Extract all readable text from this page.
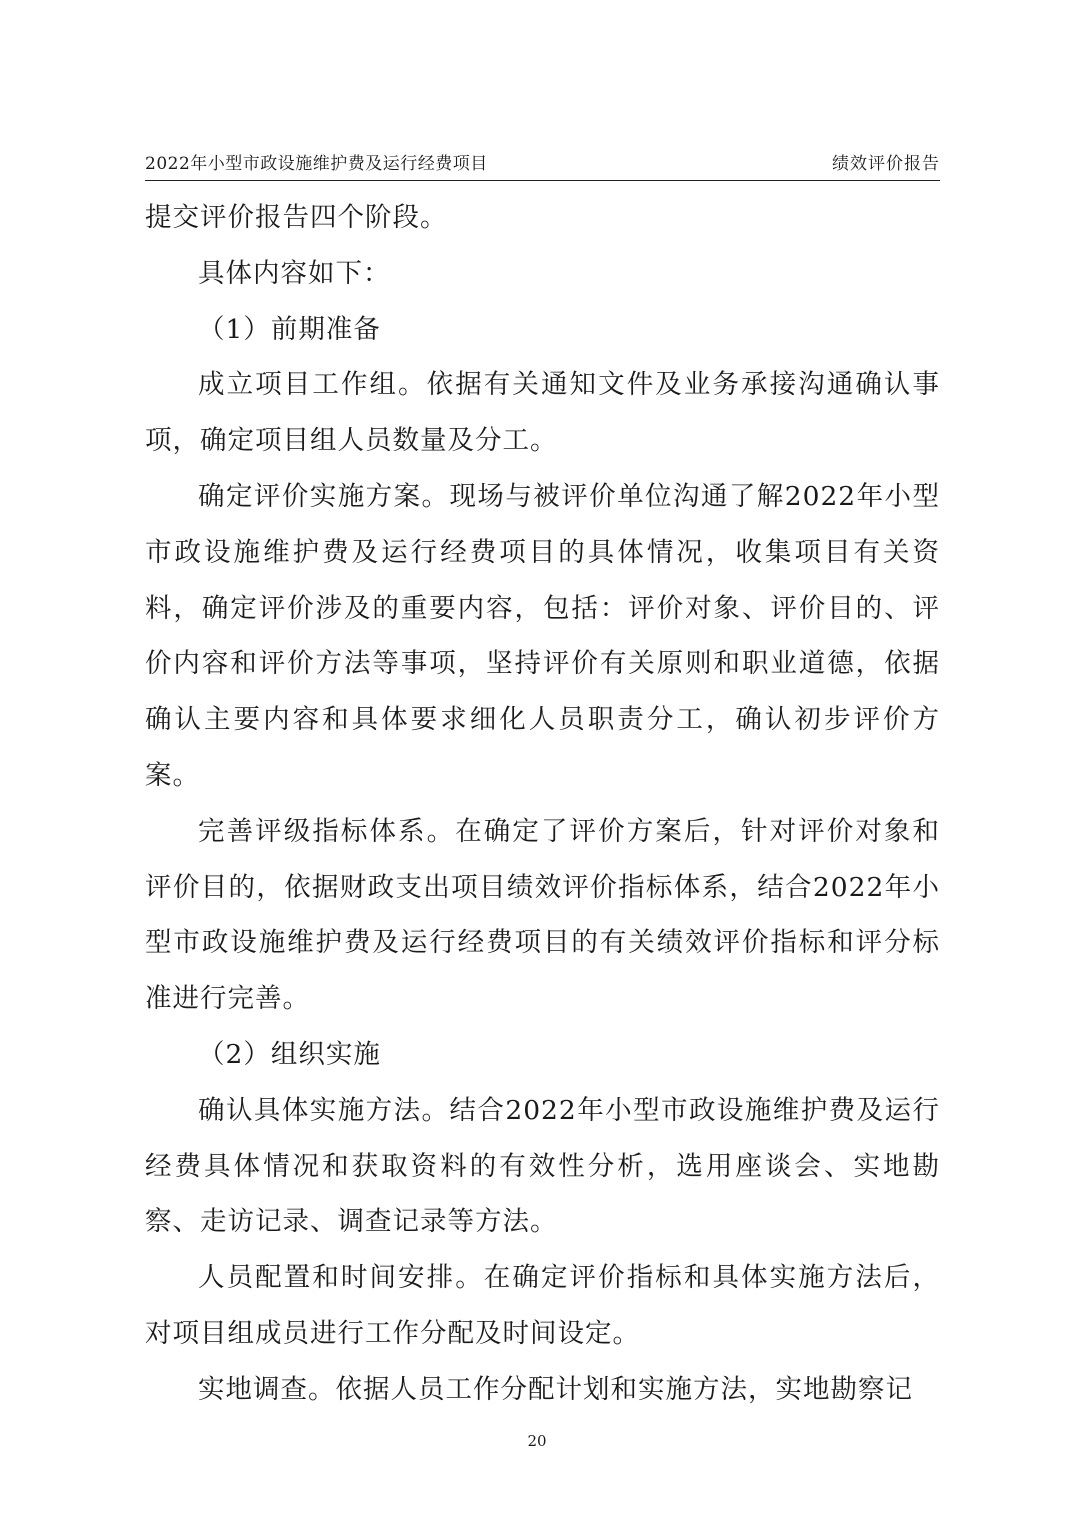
2022年小型市政设施维护费及运行经费项目	绩效评价报告

提交评价报告四个阶段。

具体内容如下：

（1）前期准备

成立项目工作组。依据有关通知文件及业务承接沟通确认事项，确定项目组人员数量及分工。

确定评价实施方案。现场与被评价单位沟通了解2022年小型市政设施维护费及运行经费项目的具体情况，收集项目有关资料，确定评价涉及的重要内容，包括：评价对象、评价目的、评价内容和评价方法等事项，坚持评价有关原则和职业道德，依据确认主要内容和具体要求细化人员职责分工，确认初步评价方案。

完善评级指标体系。在确定了评价方案后，针对评价对象和评价目的，依据财政支出项目绩效评价指标体系，结合2022年小型市政设施维护费及运行经费项目的有关绩效评价指标和评分标准进行完善。

（2）组织实施

确认具体实施方法。结合2022年小型市政设施维护费及运行经费具体情况和获取资料的有效性分析，选用座谈会、实地勘察、走访记录、调查记录等方法。

人员配置和时间安排。在确定评价指标和具体实施方法后，对项目组成员进行工作分配及时间设定。

实地调查。依据人员工作分配计划和实施方法，实地勘察记

20
